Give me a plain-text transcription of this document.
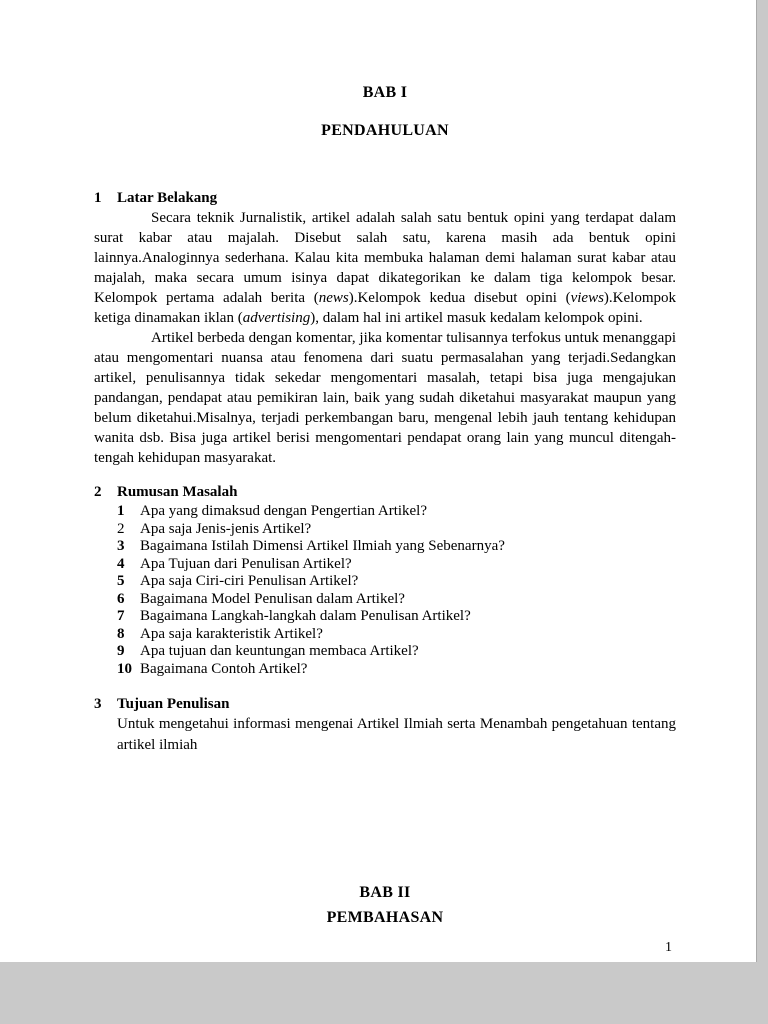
BAB I
PENDAHULUAN
1	Latar Belakang

Secara teknik Jurnalistik, artikel adalah salah satu bentuk opini yang terdapat dalam surat kabar atau majalah. Disebut salah satu, karena masih ada bentuk opini lainnya.Analoginnya sederhana. Kalau kita membuka halaman demi halaman surat kabar atau majalah, maka secara umum isinya dapat dikategorikan ke dalam tiga kelompok besar. Kelompok pertama adalah berita (news).Kelompok kedua disebut opini (views).Kelompok ketiga dinamakan iklan (advertising), dalam hal ini artikel masuk kedalam kelompok opini.

Artikel berbeda dengan komentar, jika komentar tulisannya terfokus untuk menanggapi atau mengomentari nuansa atau fenomena dari suatu permasalahan yang terjadi.Sedangkan artikel, penulisannya tidak sekedar mengomentari masalah, tetapi bisa juga mengajukan pandangan, pendapat atau pemikiran lain, baik yang sudah diketahui masyarakat maupun yang belum diketahui.Misalnya, terjadi perkembangan baru, mengenal lebih jauh tentang kehidupan wanita dsb. Bisa juga artikel berisi mengomentari pendapat orang lain yang muncul ditengah- tengah kehidupan masyarakat.

2	Rumusan Masalah
1	Apa yang dimaksud dengan Pengertian Artikel?
2	Apa saja Jenis-jenis Artikel?
3	Bagaimana Istilah Dimensi Artikel Ilmiah yang Sebenarnya?
4	Apa Tujuan dari Penulisan Artikel?
5	Apa saja Ciri-ciri Penulisan Artikel?
6	Bagaimana Model Penulisan dalam Artikel?
7	Bagaimana Langkah-langkah dalam Penulisan Artikel?
8	Apa saja karakteristik Artikel?
9	Apa tujuan dan keuntungan membaca Artikel?
10 Bagaimana Contoh Artikel?
3	Tujuan Penulisan
Untuk mengetahui informasi mengenai Artikel Ilmiah serta Menambah pengetahuan tentang artikel ilmiah
BAB II
PEMBAHASAN
1
